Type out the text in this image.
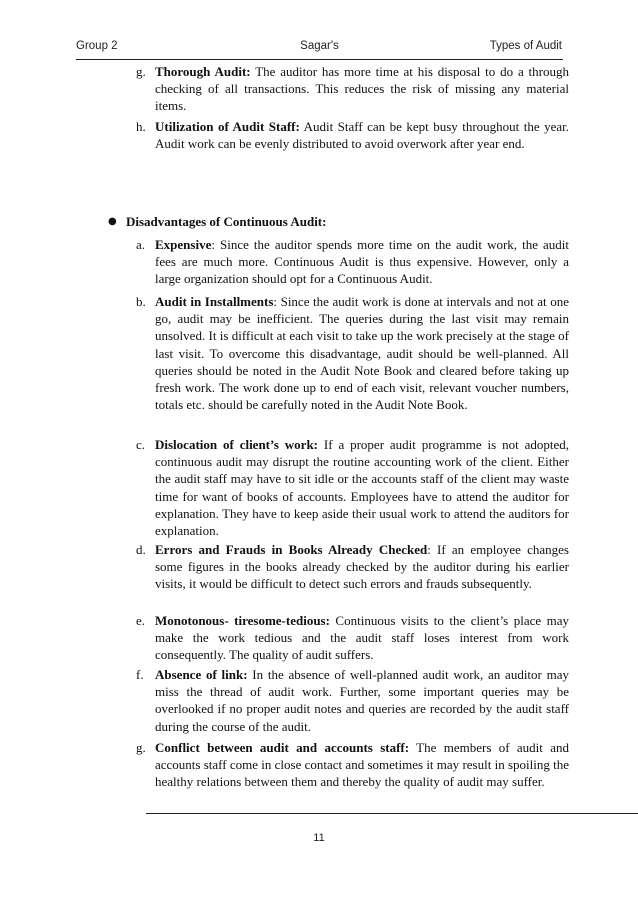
Group 2	Sagar's	Types of Audit
g. Thorough Audit: The auditor has more time at his disposal to do a through checking of all transactions. This reduces the risk of missing any material items.
h. Utilization of Audit Staff: Audit Staff can be kept busy throughout the year. Audit work can be evenly distributed to avoid overwork after year end.
● Disadvantages of Continuous Audit:
a. Expensive: Since the auditor spends more time on the audit work, the audit fees are much more. Continuous Audit is thus expensive. However, only a large organization should opt for a Continuous Audit.
b. Audit in Installments: Since the audit work is done at intervals and not at one go, audit may be inefficient. The queries during the last visit may remain unsolved. It is difficult at each visit to take up the work precisely at the stage of last visit. To overcome this disadvantage, audit should be well-planned. All queries should be noted in the Audit Note Book and cleared before taking up fresh work. The work done up to end of each visit, relevant voucher numbers, totals etc. should be carefully noted in the Audit Note Book.
c. Dislocation of client’s work: If a proper audit programme is not adopted, continuous audit may disrupt the routine accounting work of the client. Either the audit staff may have to sit idle or the accounts staff of the client may waste time for want of books of accounts. Employees have to attend the auditor for explanation. They have to keep aside their usual work to attend the auditors for explanation.
d. Errors and Frauds in Books Already Checked: If an employee changes some figures in the books already checked by the auditor during his earlier visits, it would be difficult to detect such errors and frauds subsequently.
e. Monotonous- tiresome-tedious: Continuous visits to the client’s place may make the work tedious and the audit staff loses interest from work consequently. The quality of audit suffers.
f. Absence of link: In the absence of well-planned audit work, an auditor may miss the thread of audit work. Further, some important queries may be overlooked if no proper audit notes and queries are recorded by the audit staff during the course of the audit.
g. Conflict between audit and accounts staff: The members of audit and accounts staff come in close contact and sometimes it may result in spoiling the healthy relations between them and thereby the quality of audit may suffer.
11
